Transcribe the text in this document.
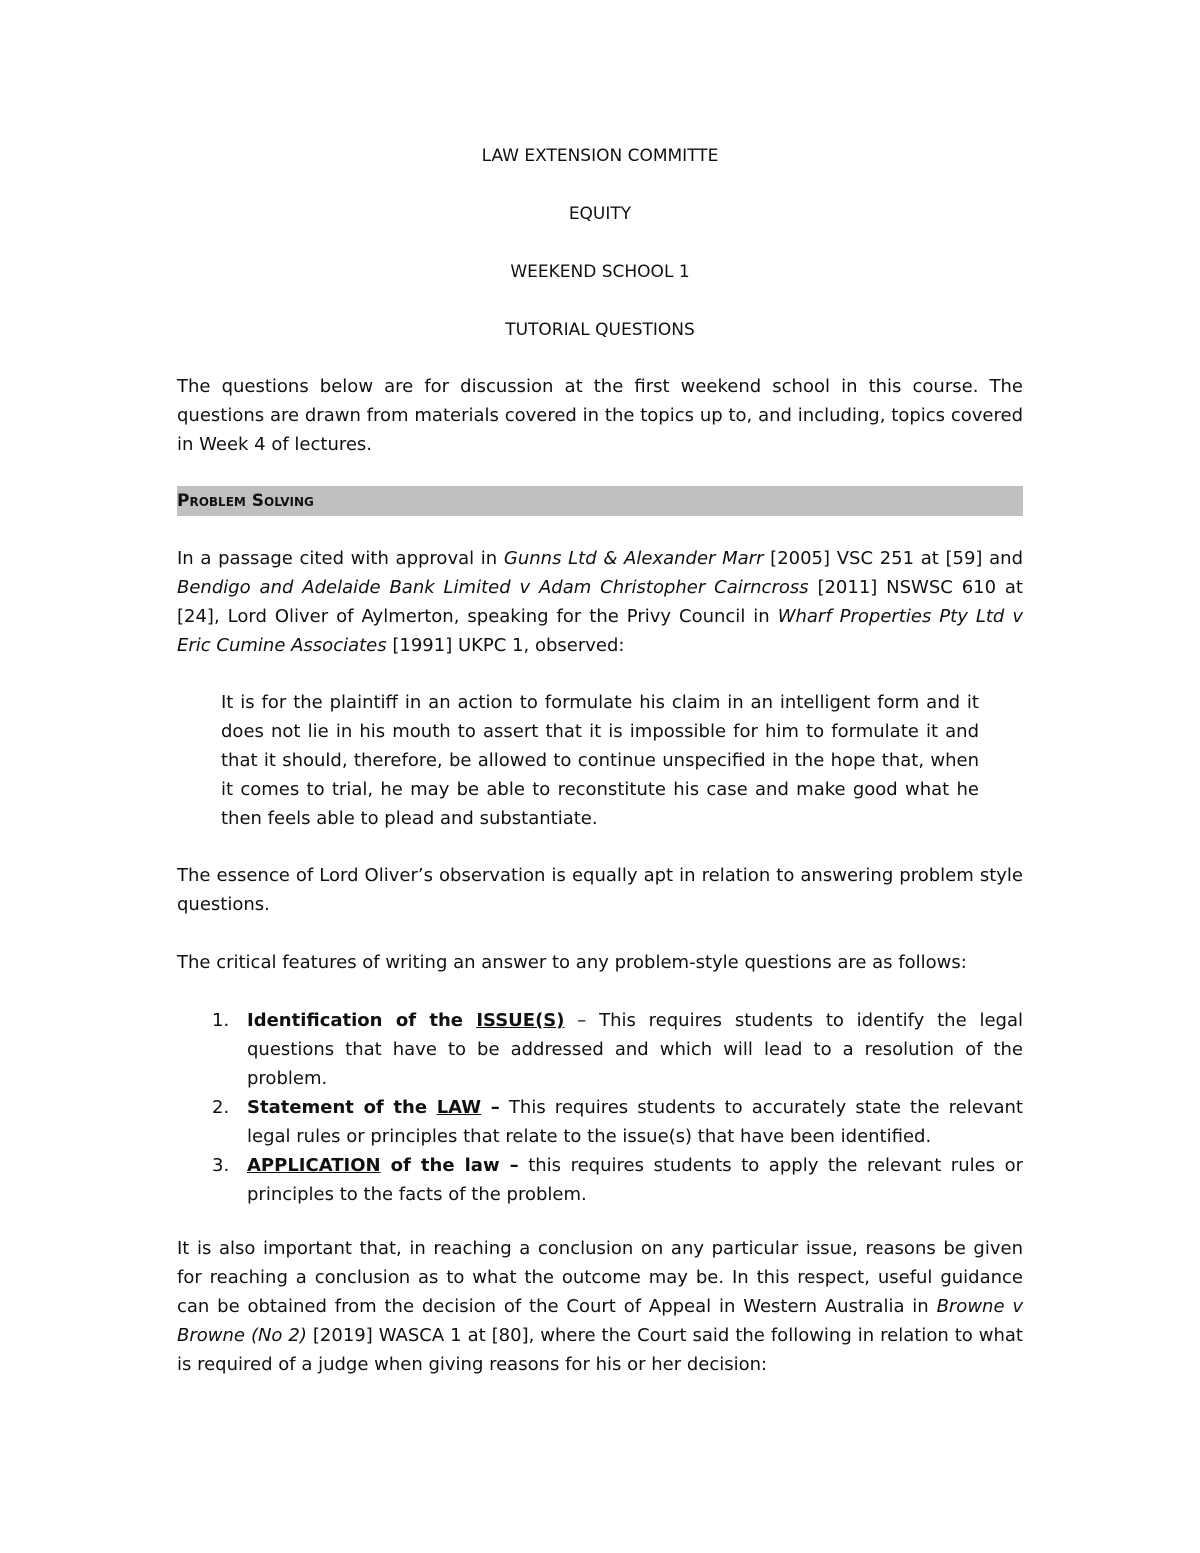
LAW EXTENSION COMMITTE
EQUITY
WEEKEND SCHOOL 1
TUTORIAL QUESTIONS
The questions below are for discussion at the first weekend school in this course. The questions are drawn from materials covered in the topics up to, and including, topics covered in Week 4 of lectures.
Problem Solving
In a passage cited with approval in Gunns Ltd & Alexander Marr [2005] VSC 251 at [59] and Bendigo and Adelaide Bank Limited v Adam Christopher Cairncross [2011] NSWSC 610 at [24], Lord Oliver of Aylmerton, speaking for the Privy Council in Wharf Properties Pty Ltd v Eric Cumine Associates [1991] UKPC 1, observed:
It is for the plaintiff in an action to formulate his claim in an intelligent form and it does not lie in his mouth to assert that it is impossible for him to formulate it and that it should, therefore, be allowed to continue unspecified in the hope that, when it comes to trial, he may be able to reconstitute his case and make good what he then feels able to plead and substantiate.
The essence of Lord Oliver’s observation is equally apt in relation to answering problem style questions.
The critical features of writing an answer to any problem-style questions are as follows:
1. Identification of the ISSUE(S) – This requires students to identify the legal questions that have to be addressed and which will lead to a resolution of the problem.
2. Statement of the LAW – This requires students to accurately state the relevant legal rules or principles that relate to the issue(s) that have been identified.
3. APPLICATION of the law – this requires students to apply the relevant rules or principles to the facts of the problem.
It is also important that, in reaching a conclusion on any particular issue, reasons be given for reaching a conclusion as to what the outcome may be. In this respect, useful guidance can be obtained from the decision of the Court of Appeal in Western Australia in Browne v Browne (No 2) [2019] WASCA 1 at [80], where the Court said the following in relation to what is required of a judge when giving reasons for his or her decision:
